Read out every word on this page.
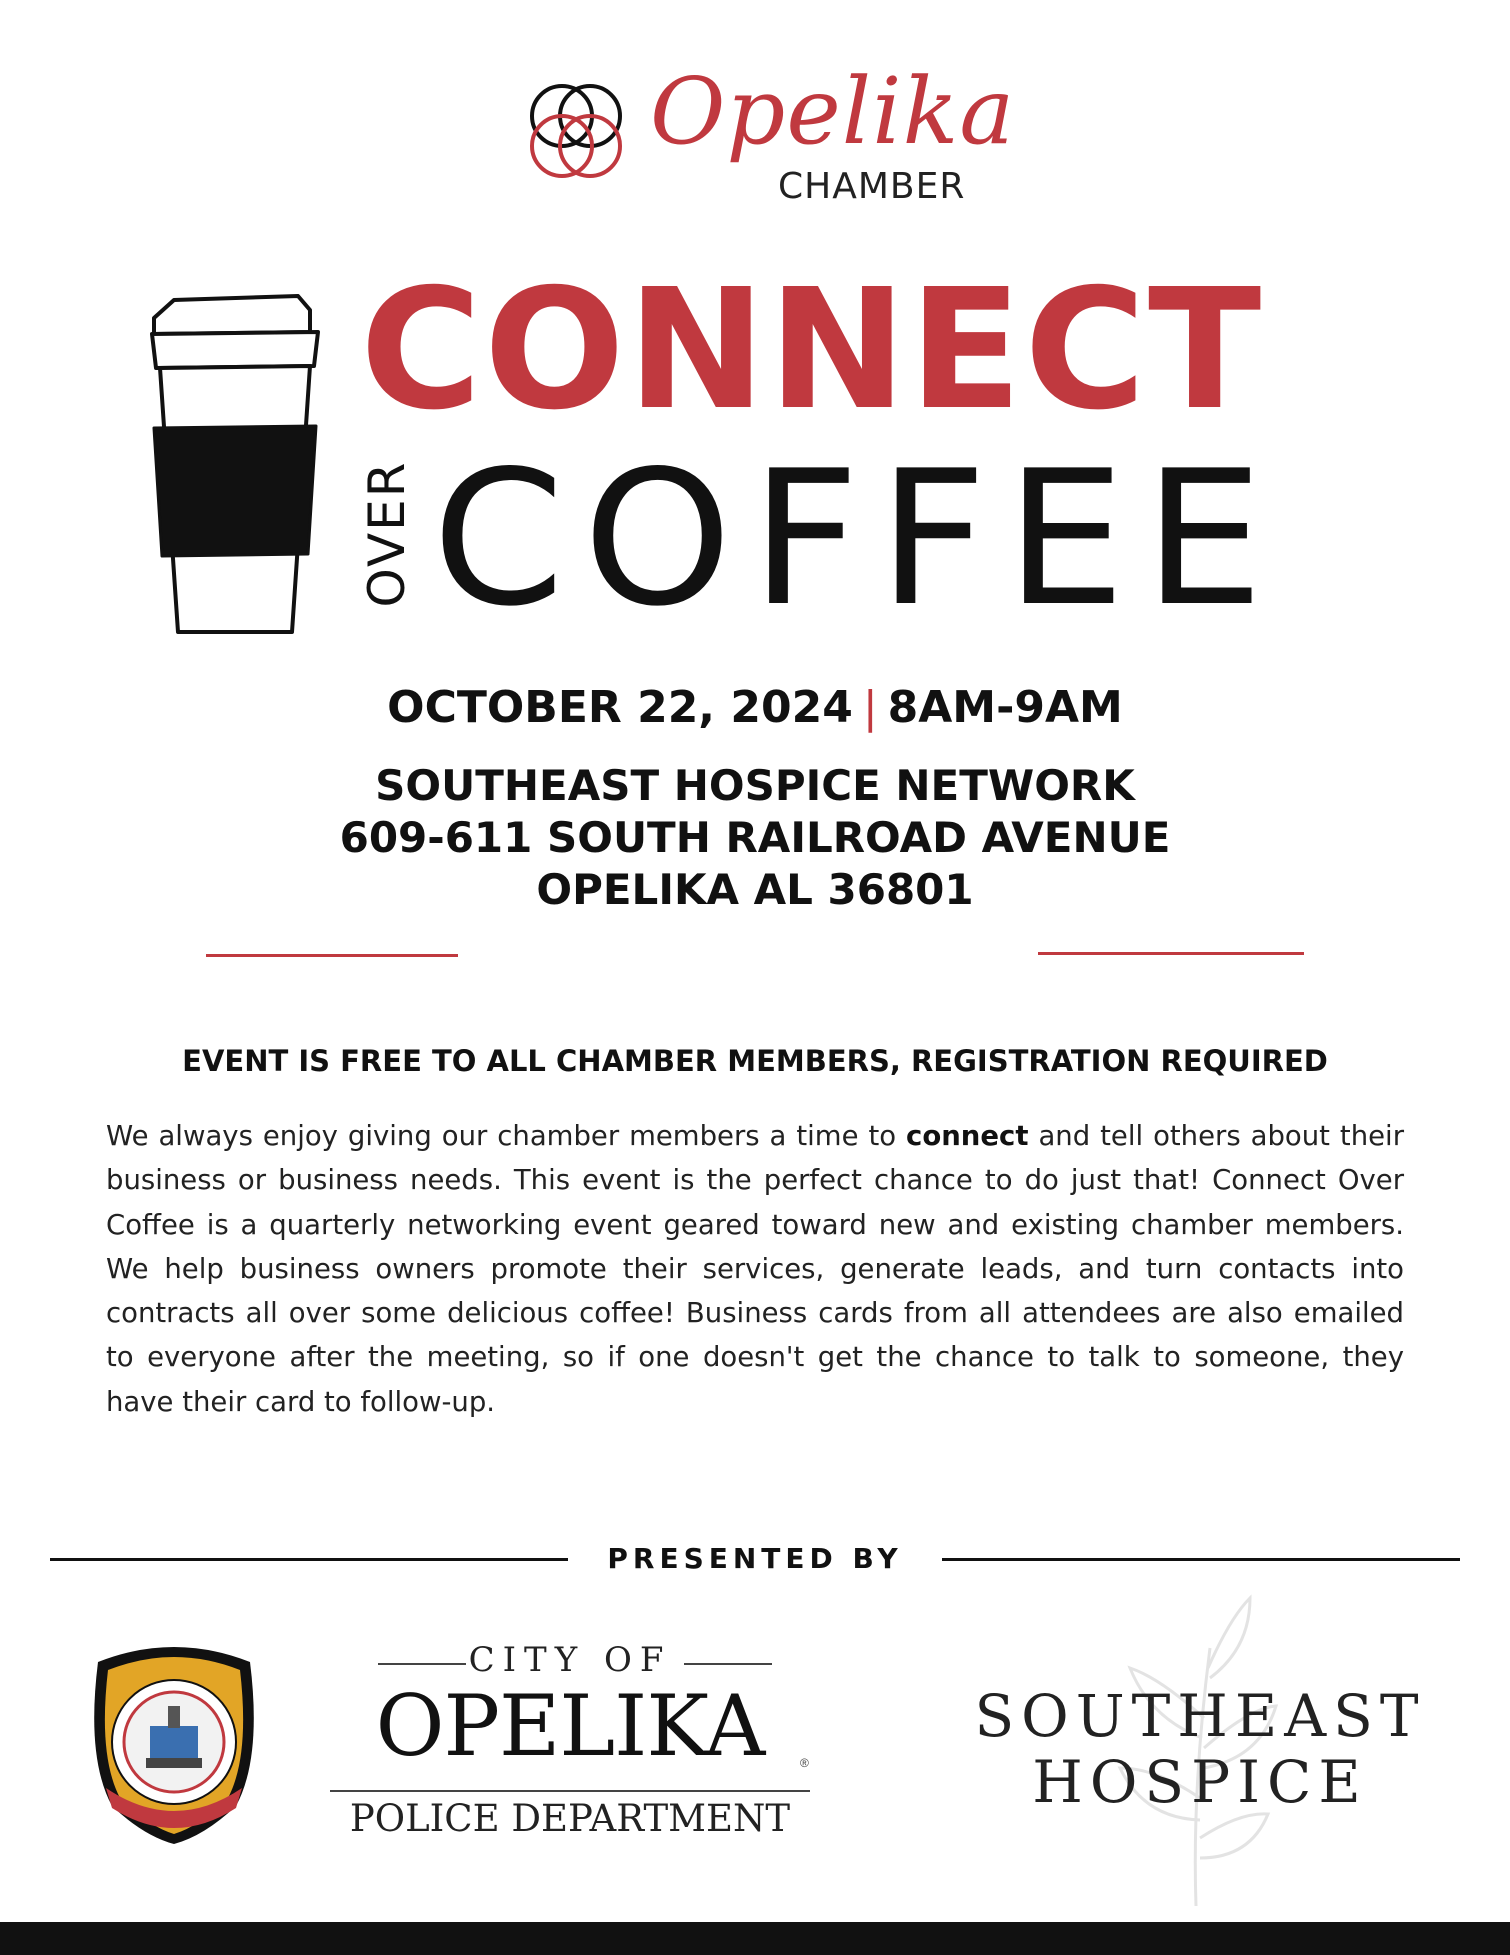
Opelika
CHAMBER
CONNECT
OVER COFFEE
OCTOBER 22, 2024 | 8AM-9AM
SOUTHEAST HOSPICE NETWORK
609-611 SOUTH RAILROAD AVENUE
OPELIKA AL 36801
EVENT IS FREE TO ALL CHAMBER MEMBERS, REGISTRATION REQUIRED
We always enjoy giving our chamber members a time to connect and tell others about their business or business needs. This event is the perfect chance to do just that! Connect Over Coffee is a quarterly networking event geared toward new and existing chamber members. We help business owners promote their services, generate leads, and turn contacts into contracts all over some delicious coffee! Business cards from all attendees are also emailed to everyone after the meeting, so if one doesn't get the chance to talk to someone, they have their card to follow-up.
PRESENTED BY
CITY OF
OPELIKA	®
POLICE DEPARTMENT
SOUTHEAST
HOSPICE
